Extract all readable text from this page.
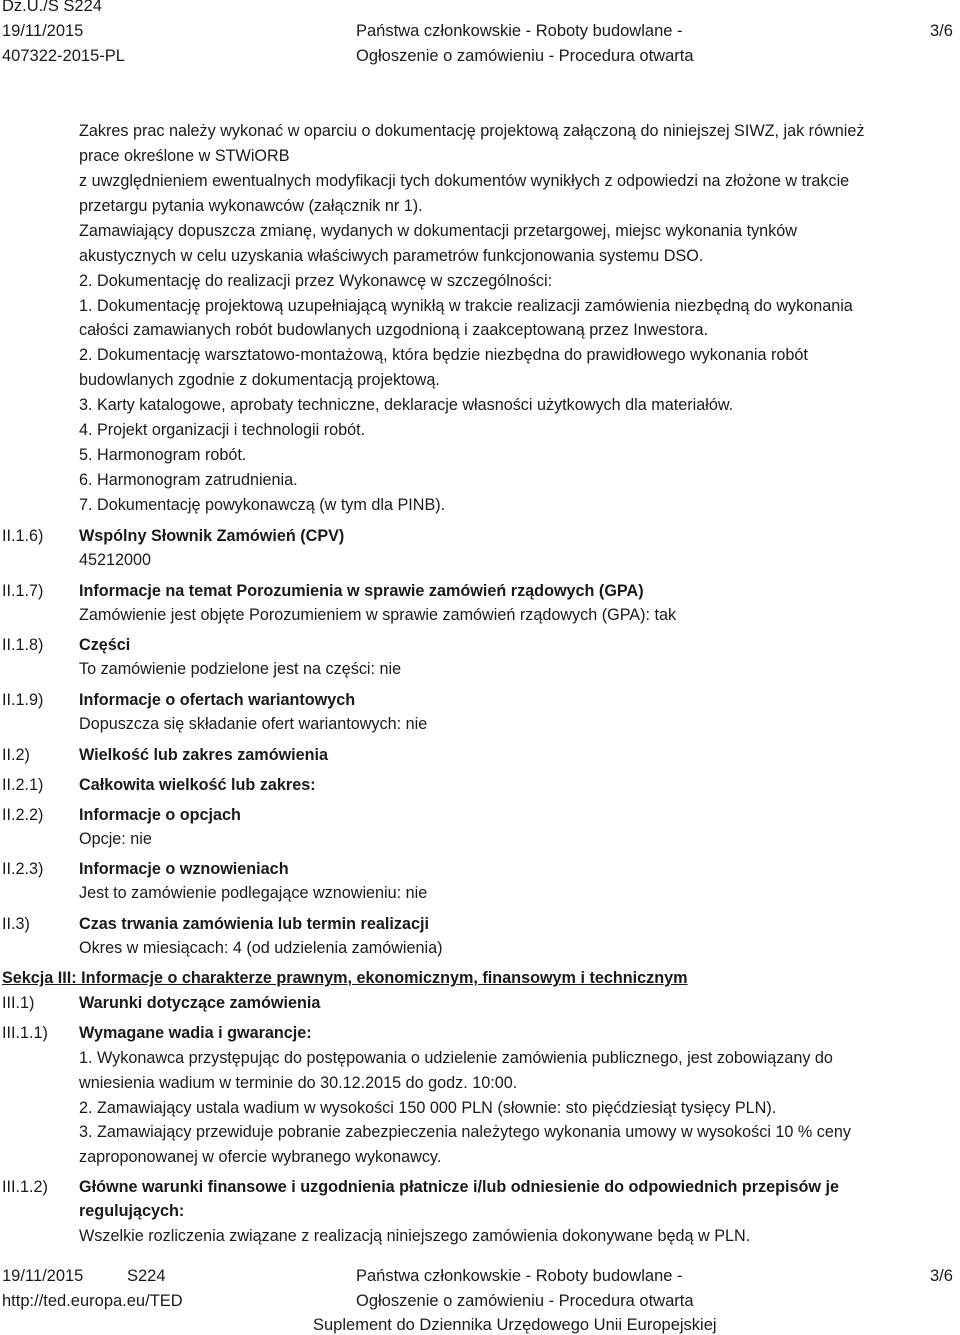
Dz.U./S S224
19/11/2015
407322-2015-PL
Państwa członkowskie - Roboty budowlane -
Ogłoszenie o zamówieniu - Procedura otwarta
3/6
Zakres prac należy wykonać w oparciu o dokumentację projektową załączoną do niniejszej SIWZ, jak również
prace określone w STWiORB
z uwzględnieniem ewentualnych modyfikacji tych dokumentów wynikłych z odpowiedzi na złożone w trakcie
przetargu pytania wykonawców (załącznik nr 1).
Zamawiający dopuszcza zmianę, wydanych w dokumentacji przetargowej, miejsc wykonania tynków
akustycznych w celu uzyskania właściwych parametrów funkcjonowania systemu DSO.
2. Dokumentację do realizacji przez Wykonawcę w szczególności:
1. Dokumentację projektową uzupełniającą wynikłą w trakcie realizacji zamówienia niezbędną do wykonania
całości zamawianych robót budowlanych uzgodnioną i zaakceptowaną przez Inwestora.
2. Dokumentację warsztatowo-montażową, która będzie niezbędna do prawidłowego wykonania robót
budowlanych zgodnie z dokumentacją projektową.
3. Karty katalogowe, aprobaty techniczne, deklaracje własności użytkowych dla materiałów.
4. Projekt organizacji i technologii robót.
5. Harmonogram robót.
6. Harmonogram zatrudnienia.
7. Dokumentację powykonawczą (w tym dla PINB).
II.1.6) Wspólny Słownik Zamówień (CPV)
45212000
II.1.7) Informacje na temat Porozumienia w sprawie zamówień rządowych (GPA)
Zamówienie jest objęte Porozumieniem w sprawie zamówień rządowych (GPA): tak
II.1.8) Części
To zamówienie podzielone jest na części: nie
II.1.9) Informacje o ofertach wariantowych
Dopuszcza się składanie ofert wariantowych: nie
II.2)	Wielkość lub zakres zamówienia
II.2.1) Całkowita wielkość lub zakres:
II.2.2) Informacje o opcjach
Opcje: nie
II.2.3) Informacje o wznowieniach
Jest to zamówienie podlegające wznowieniu: nie
II.3)	Czas trwania zamówienia lub termin realizacji
Okres w miesiącach: 4 (od udzielenia zamówienia)
Sekcja III: Informacje o charakterze prawnym, ekonomicznym, finansowym i technicznym
III.1)	Warunki dotyczące zamówienia
III.1.1) Wymagane wadia i gwarancje:
1. Wykonawca przystępując do postępowania o udzielenie zamówienia publicznego, jest zobowiązany do
wniesienia wadium w terminie do 30.12.2015 do godz. 10:00.
2. Zamawiający ustala wadium w wysokości 150 000 PLN (słownie: sto pięćdziesiąt tysięcy PLN).
3. Zamawiający przewiduje pobranie zabezpieczenia należytego wykonania umowy w wysokości 10 % ceny
zaproponowanej w ofercie wybranego wykonawcy.
III.1.2) Główne warunki finansowe i uzgodnienia płatnicze i/lub odniesienie do odpowiednich przepisów je
regulujących:
Wszelkie rozliczenia związane z realizacją niniejszego zamówienia dokonywane będą w PLN.
19/11/2015	S224
http://ted.europa.eu/TED
Państwa członkowskie - Roboty budowlane -
Ogłoszenie o zamówieniu - Procedura otwarta
Suplement do Dziennika Urzędowego Unii Europejskiej
3/6
